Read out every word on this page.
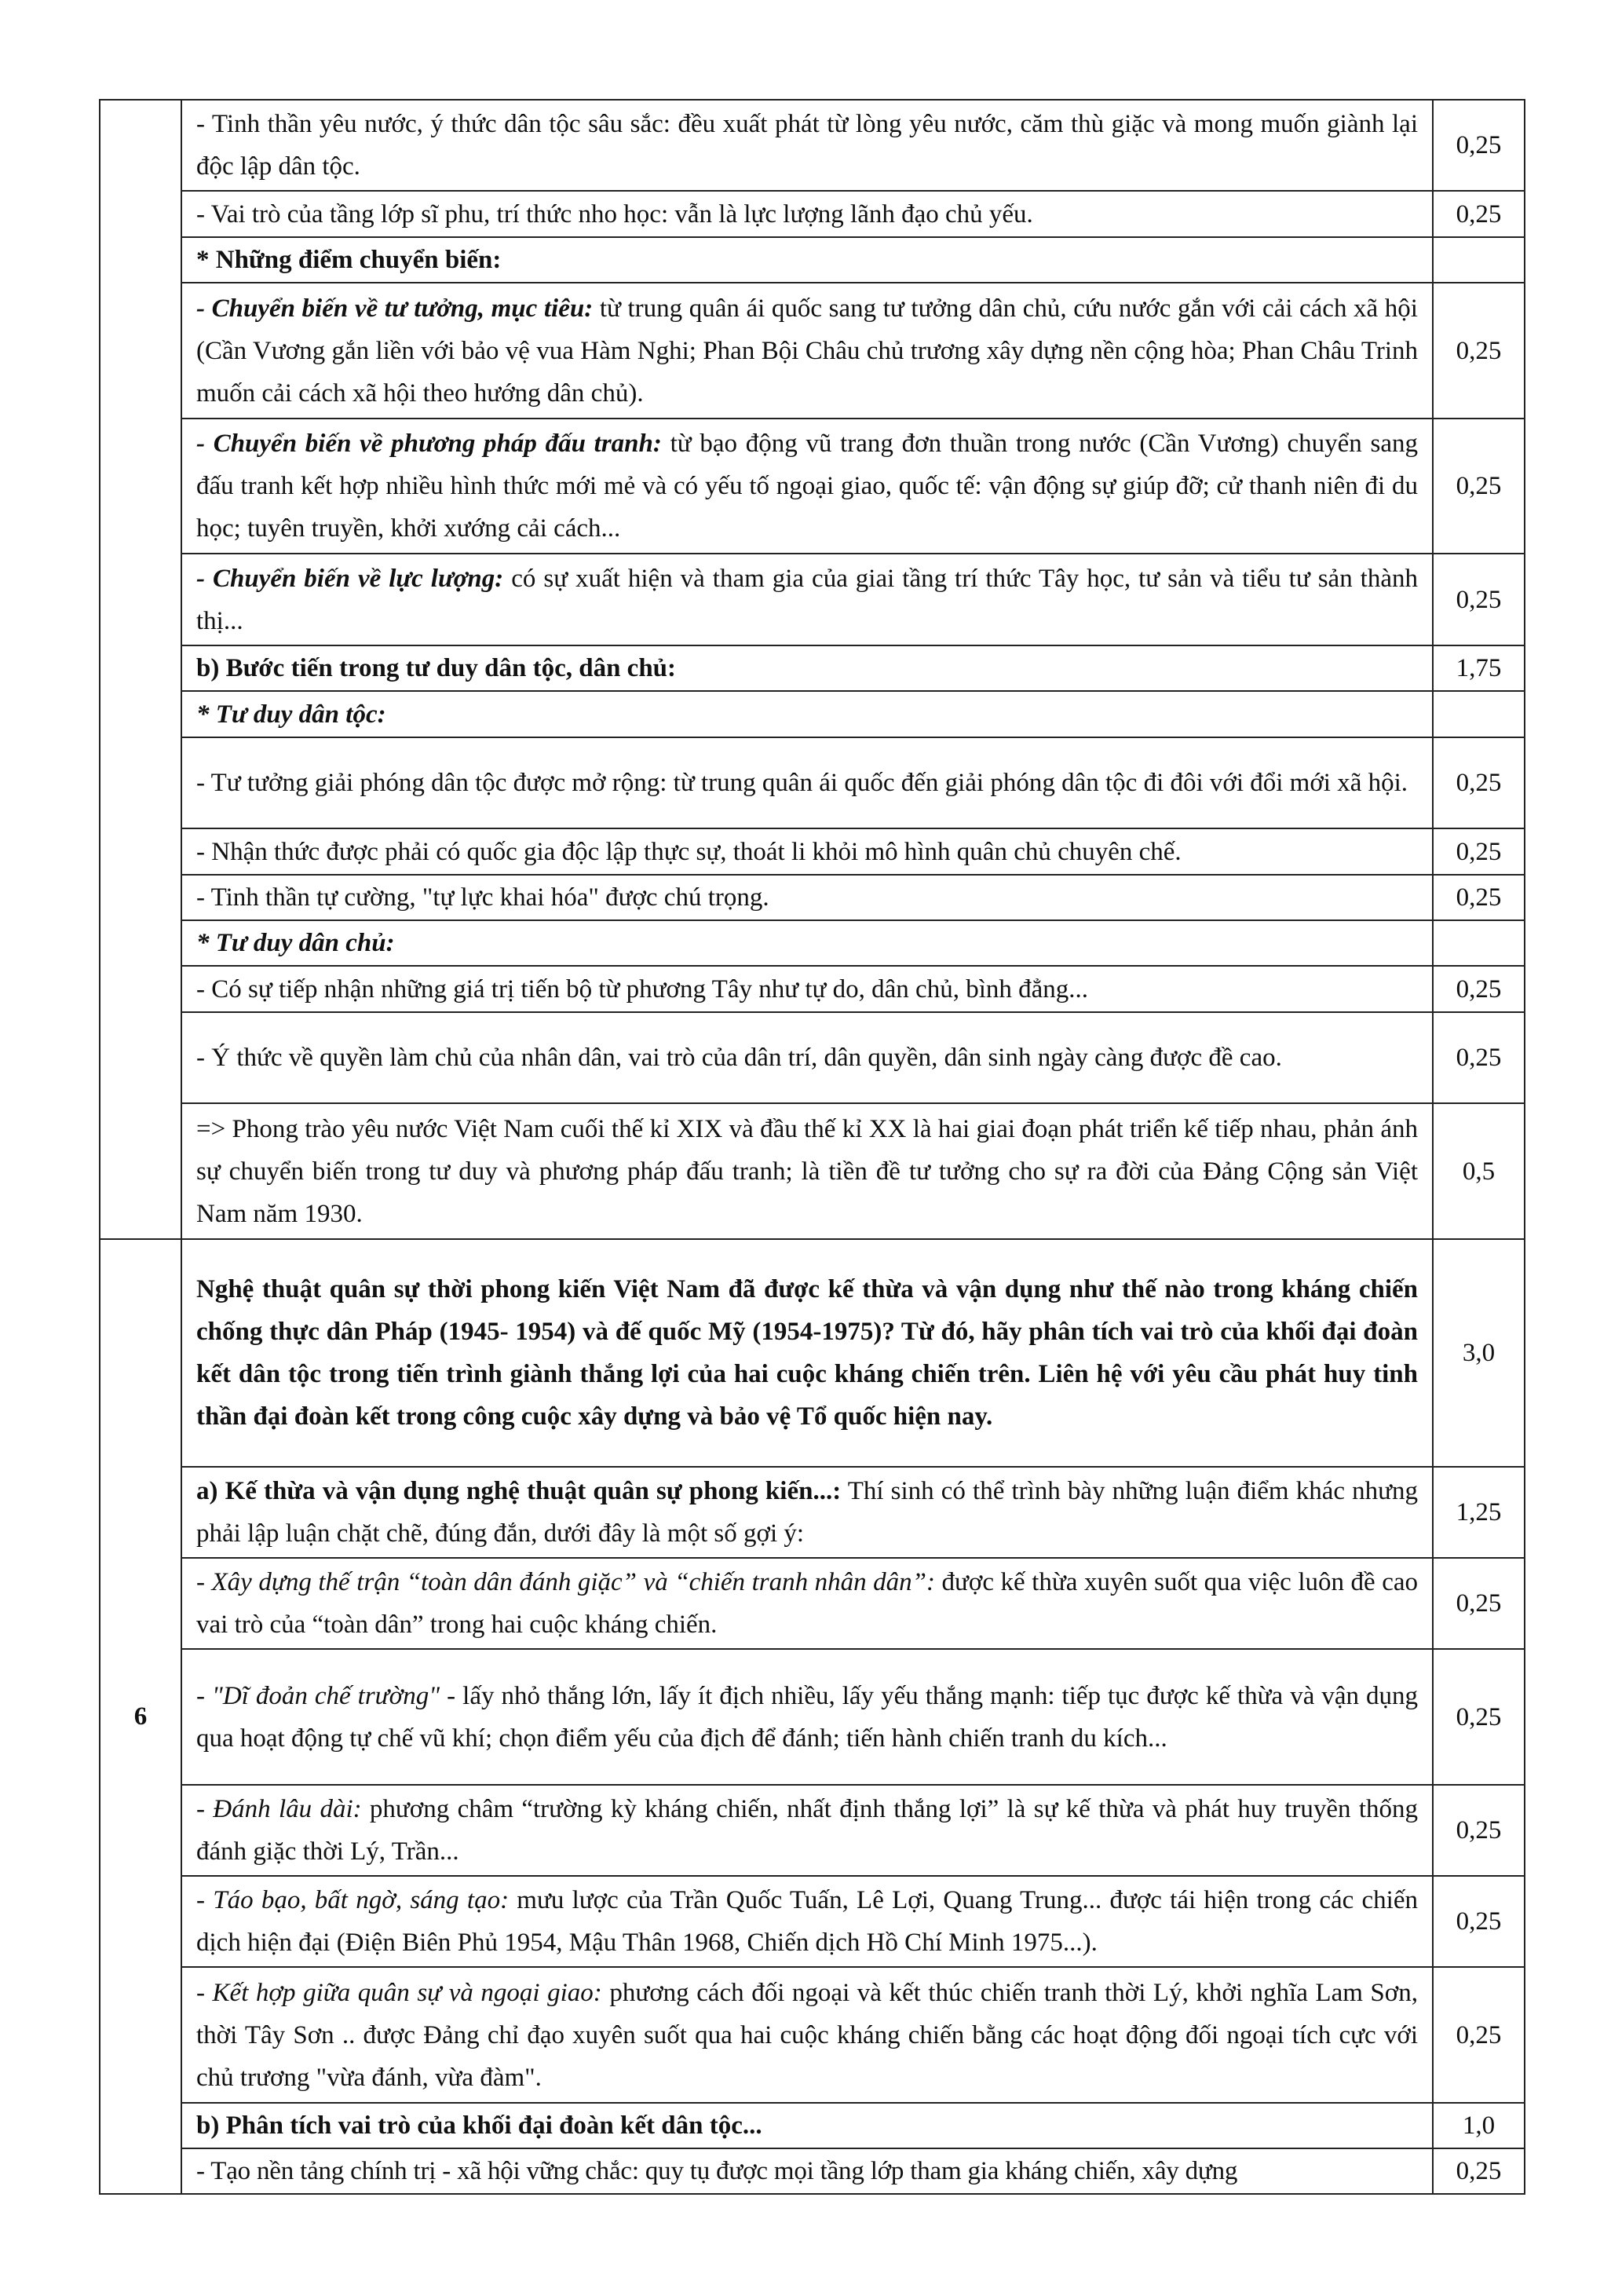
	- Tinh thần yêu nước, ý thức dân tộc sâu sắc: đều xuất phát từ lòng yêu nước, căm thù giặc và mong muốn giành lại độc lập dân tộc.	0,25
	- Vai trò của tầng lớp sĩ phu, trí thức nho học: vẫn là lực lượng lãnh đạo chủ yếu.	0,25
	* Những điểm chuyển biến:	
	- Chuyển biến về tư tưởng, mục tiêu: từ trung quân ái quốc sang tư tưởng dân chủ, cứu nước gắn với cải cách xã hội (Cần Vương gắn liền với bảo vệ vua Hàm Nghi; Phan Bội Châu chủ trương xây dựng nền cộng hòa; Phan Châu Trinh muốn cải cách xã hội theo hướng dân chủ).	0,25
	- Chuyển biến về phương pháp đấu tranh: từ bạo động vũ trang đơn thuần trong nước (Cần Vương) chuyển sang đấu tranh kết hợp nhiều hình thức mới mẻ và có yếu tố ngoại giao, quốc tế: vận động sự giúp đỡ; cử thanh niên đi du học; tuyên truyền, khởi xướng cải cách...	0,25
	- Chuyển biến về lực lượng: có sự xuất hiện và tham gia của giai tầng trí thức Tây học, tư sản và tiểu tư sản thành thị...	0,25
	b) Bước tiến trong tư duy dân tộc, dân chủ:	1,75
	* Tư duy dân tộc:	
	- Tư tưởng giải phóng dân tộc được mở rộng: từ trung quân ái quốc đến giải phóng dân tộc đi đôi với đổi mới xã hội.	0,25
	- Nhận thức được phải có quốc gia độc lập thực sự, thoát li khỏi mô hình quân chủ chuyên chế.	0,25
	- Tinh thần tự cường, "tự lực khai hóa" được chú trọng.	0,25
	* Tư duy dân chủ:	
	- Có sự tiếp nhận những giá trị tiến bộ từ phương Tây như tự do, dân chủ, bình đẳng...	0,25
	- Ý thức về quyền làm chủ của nhân dân, vai trò của dân trí, dân quyền, dân sinh ngày càng được đề cao.	0,25
	=> Phong trào yêu nước Việt Nam cuối thế kỉ XIX và đầu thế kỉ XX là hai giai đoạn phát triển kế tiếp nhau, phản ánh sự chuyển biến trong tư duy và phương pháp đấu tranh; là tiền đề tư tưởng cho sự ra đời của Đảng Cộng sản Việt Nam năm 1930.	0,5
6	Nghệ thuật quân sự thời phong kiến Việt Nam đã được kế thừa và vận dụng như thế nào trong kháng chiến chống thực dân Pháp (1945- 1954) và đế quốc Mỹ (1954-1975)? Từ đó, hãy phân tích vai trò của khối đại đoàn kết dân tộc trong tiến trình giành thắng lợi của hai cuộc kháng chiến trên. Liên hệ với yêu cầu phát huy tinh thần đại đoàn kết trong công cuộc xây dựng và bảo vệ Tổ quốc hiện nay.	3,0
	a) Kế thừa và vận dụng nghệ thuật quân sự phong kiến...: Thí sinh có thể trình bày những luận điểm khác nhưng phải lập luận chặt chẽ, đúng đắn, dưới đây là một số gợi ý:	1,25
	- Xây dựng thế trận “toàn dân đánh giặc” và “chiến tranh nhân dân”: được kế thừa xuyên suốt qua việc luôn đề cao vai trò của “toàn dân” trong hai cuộc kháng chiến.	0,25
	- "Dĩ đoản chế trường" - lấy nhỏ thắng lớn, lấy ít địch nhiều, lấy yếu thắng mạnh: tiếp tục được kế thừa và vận dụng qua hoạt động tự chế vũ khí; chọn điểm yếu của địch để đánh; tiến hành chiến tranh du kích...	0,25
	- Đánh lâu dài: phương châm “trường kỳ kháng chiến, nhất định thắng lợi” là sự kế thừa và phát huy truyền thống đánh giặc thời Lý, Trần...	0,25
	- Táo bạo, bất ngờ, sáng tạo: mưu lược của Trần Quốc Tuấn, Lê Lợi, Quang Trung... được tái hiện trong các chiến dịch hiện đại (Điện Biên Phủ 1954, Mậu Thân 1968, Chiến dịch Hồ Chí Minh 1975...).	0,25
	- Kết hợp giữa quân sự và ngoại giao: phương cách đối ngoại và kết thúc chiến tranh thời Lý, khởi nghĩa Lam Sơn, thời Tây Sơn .. được Đảng chỉ đạo xuyên suốt qua hai cuộc kháng chiến bằng các hoạt động đối ngoại tích cực với chủ trương "vừa đánh, vừa đàm".	0,25
	b) Phân tích vai trò của khối đại đoàn kết dân tộc...	1,0
	- Tạo nền tảng chính trị - xã hội vững chắc: quy tụ được mọi tầng lớp tham gia kháng chiến, xây dựng	0,25
